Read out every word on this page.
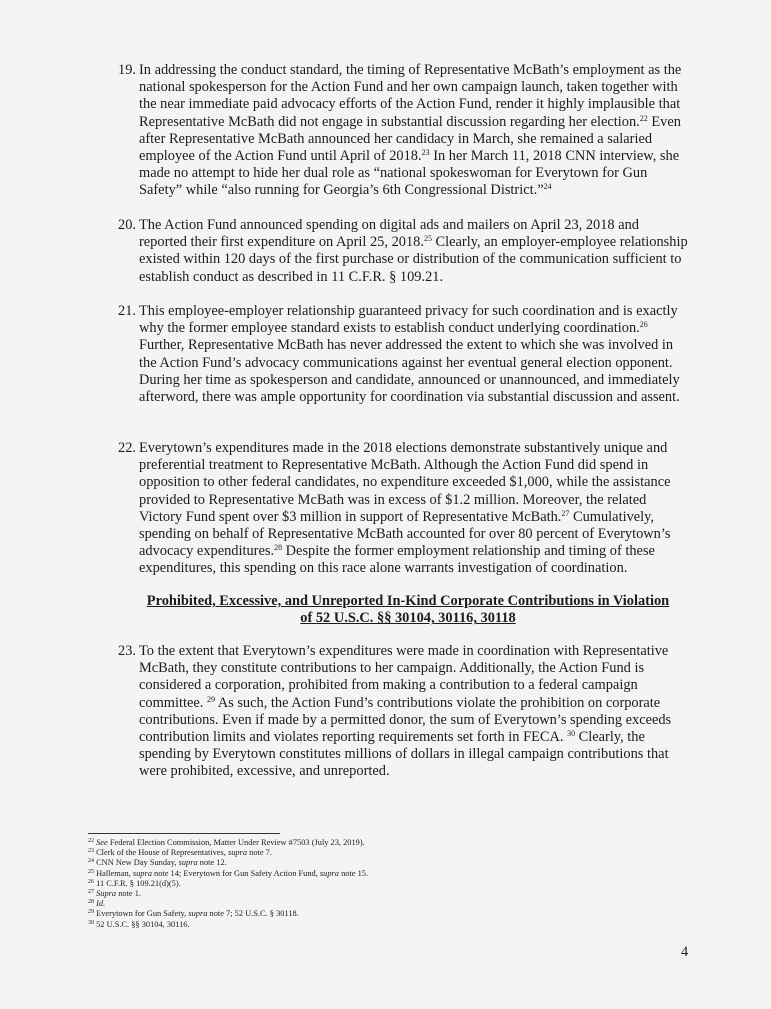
19. In addressing the conduct standard, the timing of Representative McBath’s employment as the national spokesperson for the Action Fund and her own campaign launch, taken together with the near immediate paid advocacy efforts of the Action Fund, render it highly implausible that Representative McBath did not engage in substantial discussion regarding her election.$^{22}$ Even after Representative McBath announced her candidacy in March, she remained a salaried employee of the Action Fund until April of 2018.23 In her March 11, 2018 CNN interview, she made no attempt to hide her dual role as “national spokeswoman for Everytown for Gun Safety” while “also running for Georgia’s 6th Congressional District.”$^{24}$
20. The Action Fund announced spending on digital ads and mailers on April 23, 2018 and reported their first expenditure on April 25, 2018.25 Clearly, an employer-employee relationship existed within 120 days of the first purchase or distribution of the communication sufficient to establish conduct as described in 11 C.F.R. § 109.21.
21. This employee-employer relationship guaranteed privacy for such coordination and is exactly why the former employee standard exists to establish conduct underlying coordination.$^{26}$ Further, Representative McBath has never addressed the extent to which she was involved in the Action Fund’s advocacy communications against her eventual general election opponent. During her time as spokesperson and candidate, announced or unannounced, and immediately afterword, there was ample opportunity for coordination via substantial discussion and assent.
22. Everytown’s expenditures made in the 2018 elections demonstrate substantively unique and preferential treatment to Representative McBath. Although the Action Fund did spend in opposition to other federal candidates, no expenditure exceeded $1,000, while the assistance provided to Representative McBath was in excess of $1.2 million. Moreover, the related Victory Fund spent over $3 million in support of Representative McBath.$^{27}$ Cumulatively, spending on behalf of Representative McBath accounted for over 80 percent of Everytown’s advocacy expenditures.$^{28}$ Despite the former employment relationship and timing of these expenditures, this spending on this race alone warrants investigation of coordination.
Prohibited, Excessive, and Unreported In-Kind Corporate Contributions in Violation
of 52 U.S.C. §§ 30104, 30116, 30118
23. To the extent that Everytown’s expenditures were made in coordination with Representative McBath, they constitute contributions to her campaign. Additionally, the Action Fund is considered a corporation, prohibited from making a contribution to a federal campaign committee. $^{29}$ As such, the Action Fund’s contributions violate the prohibition on corporate contributions. Even if made by a permitted donor, the sum of Everytown’s spending exceeds contribution limits and violates reporting requirements set forth in FECA. $^{30}$ Clearly, the spending by Everytown constitutes millions of dollars in illegal campaign contributions that were prohibited, excessive, and unreported.
$^{22}$ See Federal Election Commission, Matter Under Review #7503 (July 23, 2019).
$^{23}$ Clerk of the House of Representatives, supra note 7.
$^{24}$ CNN New Day Sunday, supra note 12.
$^{25}$ Halleman, supra note 14; Everytown for Gun Safety Action Fund, supra note 15.
$^{26}$ 11 C.F.R. § 109.21(d)(5).
$^{27}$ Supra note 1.
$^{28}$ Id.
$^{29}$ Everytown for Gun Safety, supra note 7; 52 U.S.C. § 30118.
$^{30}$ 52 U.S.C. §§ 30104, 30116.
4
